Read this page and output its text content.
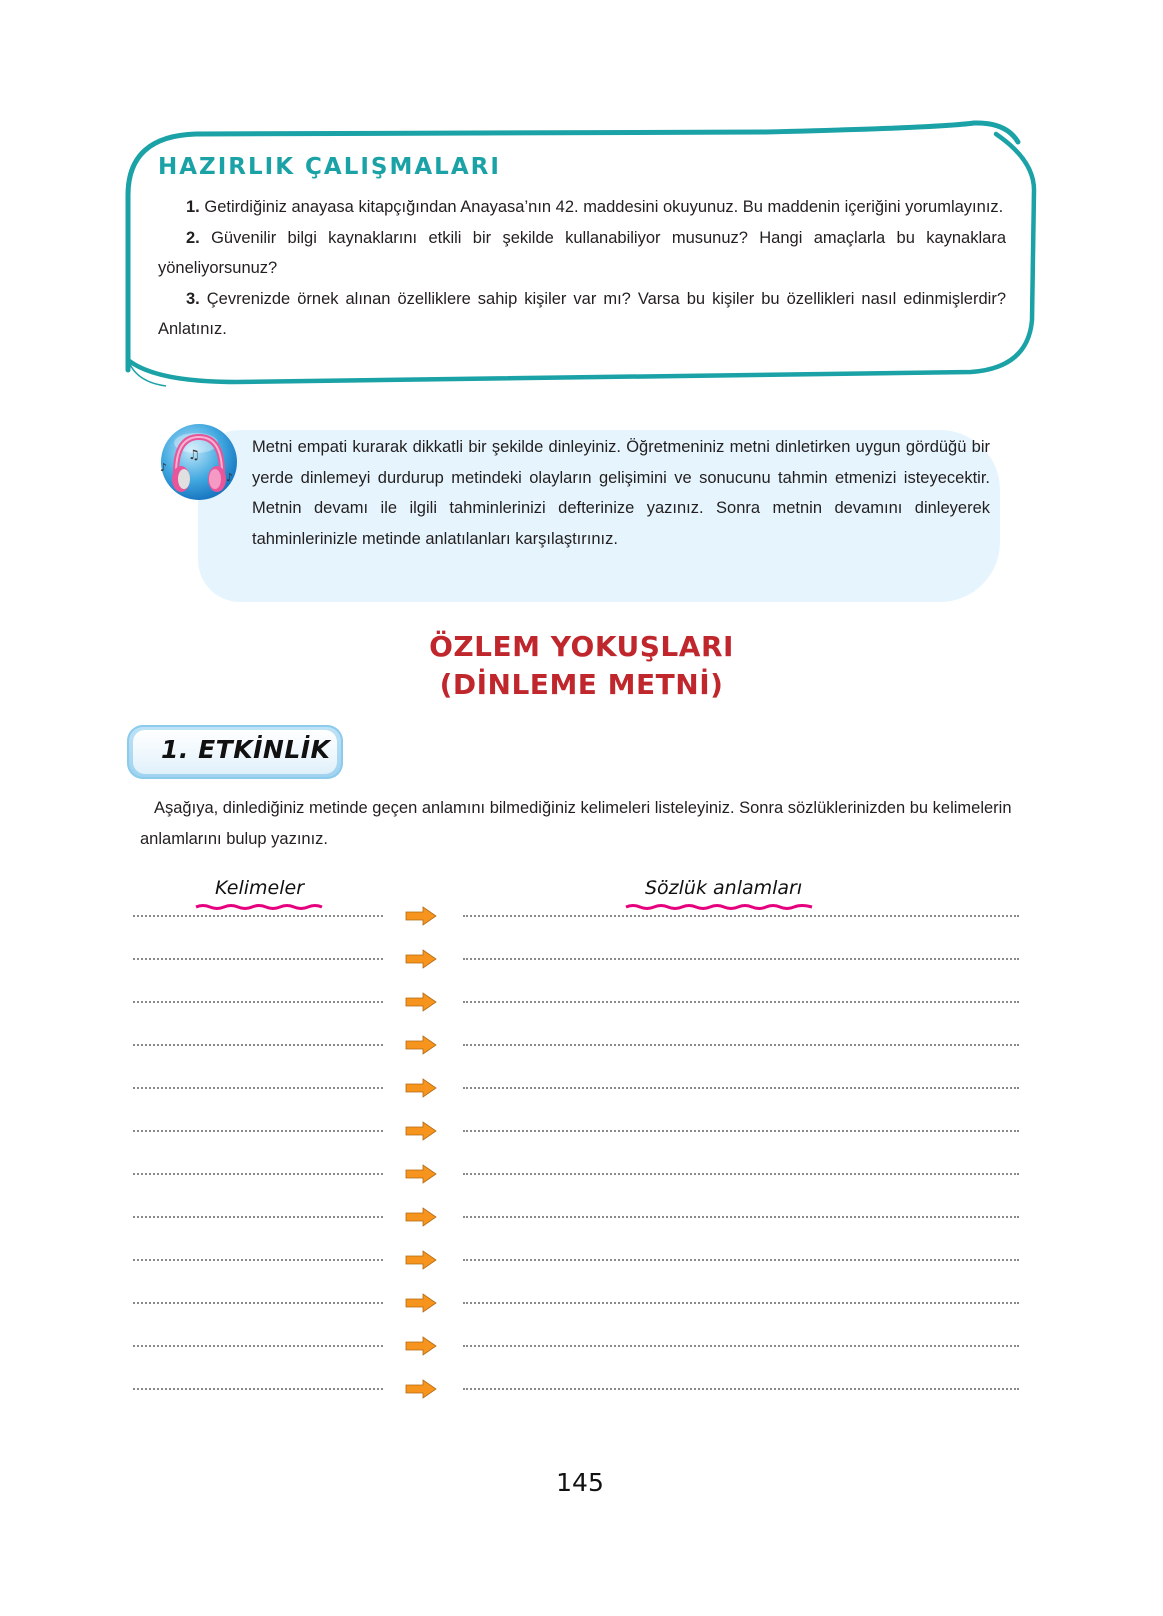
HAZIRLIK ÇALIŞMALARI

1. Getirdiğiniz anayasa kitapçığından Anayasa’nın 42. maddesini okuyunuz. Bu maddenin içeriğini yorumlayınız.

2. Güvenilir bilgi kaynaklarını etkili bir şekilde kullanabiliyor musunuz? Hangi amaçlarla bu kaynaklara yöneliyorsunuz?

3. Çevrenizde örnek alınan özelliklere sahip kişiler var mı? Varsa bu kişiler bu özellikleri nasıl edinmişlerdir? Anlatınız.

♫
♪
♪

Metni empati kurarak dikkatli bir şekilde dinleyiniz. Öğretmeniniz metni dinletirken uygun gördüğü bir yerde dinlemeyi durdurup metindeki olayların gelişimini ve sonucunu tahmin etmenizi isteyecektir. Metnin devamı ile ilgili tahminlerinizi defterinize yazınız. Sonra metnin devamını dinleyerek tahminlerinizle metinde anlatılanları karşılaştırınız.

ÖZLEM YOKUŞLARI
(DİNLEME METNİ)
1. ETKİNLİK

Aşağıya, dinlediğiniz metinde geçen anlamını bilmediğiniz kelimeleri listeleyiniz. Sonra sözlüklerinizden bu kelimelerin anlamlarını bulup yazınız.

Kelimeler	Sözlük anlamları
145
